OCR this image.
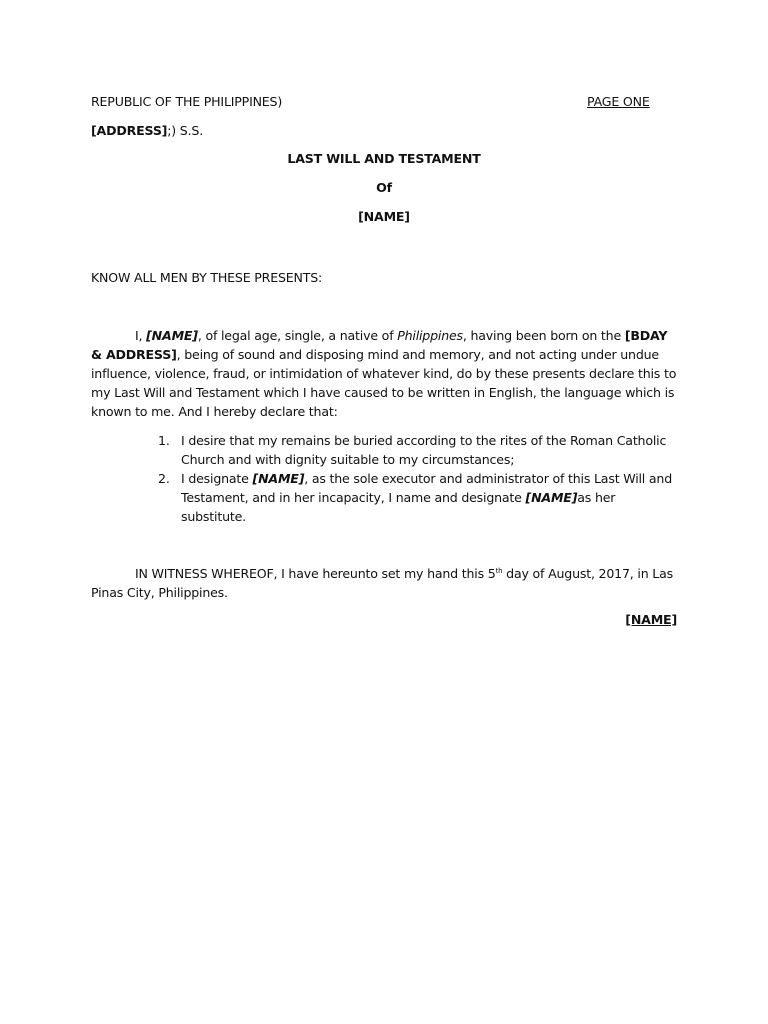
REPUBLIC OF THE PHILIPPINES)	PAGE ONE
[ADDRESS];) S.S.
LAST WILL AND TESTAMENT
Of
[NAME]
KNOW ALL MEN BY THESE PRESENTS:
I, [NAME], of legal age, single, a native of Philippines, having been born on the [BDAY & ADDRESS], being of sound and disposing mind and memory, and not acting under undue influence, violence, fraud, or intimidation of whatever kind, do by these presents declare this to my Last Will and Testament which I have caused to be written in English, the language which is known to me. And I hereby declare that:
1. I desire that my remains be buried according to the rites of the Roman Catholic Church and with dignity suitable to my circumstances;
2. I designate [NAME], as the sole executor and administrator of this Last Will and Testament, and in her incapacity, I name and designate [NAME]as her substitute.
IN WITNESS WHEREOF, I have hereunto set my hand this 5th day of August, 2017, in Las Pinas City, Philippines.
[NAME]
